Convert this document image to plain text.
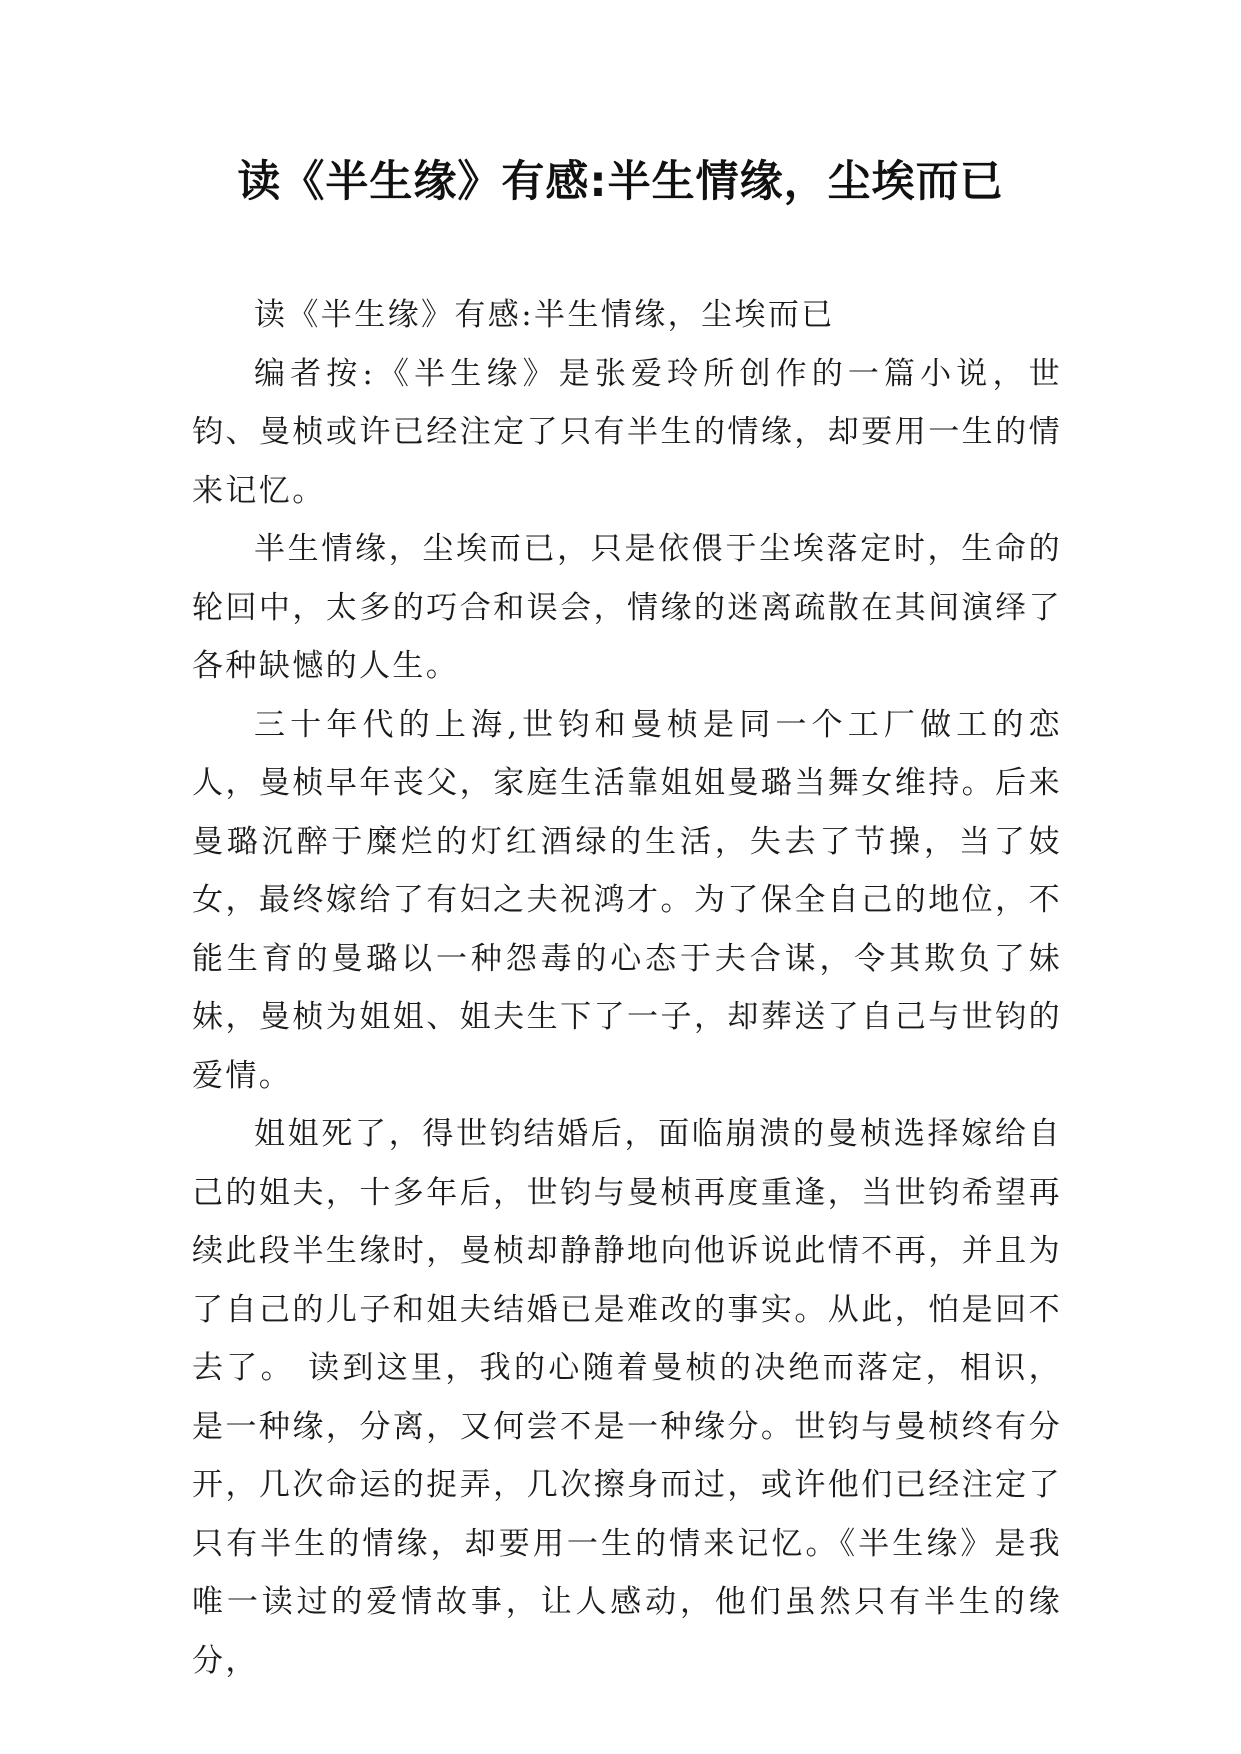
读《半生缘》有感:半生情缘，尘埃而已

读《半生缘》有感:半生情缘，尘埃而已

编者按:《半生缘》是张爱玲所创作的一篇小说，世钧、曼桢或许已经注定了只有半生的情缘，却要用一生的情来记忆。

半生情缘，尘埃而已，只是依偎于尘埃落定时，生命的轮回中，太多的巧合和误会，情缘的迷离疏散在其间演绎了各种缺憾的人生。

三十年代的上海,世钧和曼桢是同一个工厂做工的恋人，曼桢早年丧父，家庭生活靠姐姐曼璐当舞女维持。后来曼璐沉醉于糜烂的灯红酒绿的生活，失去了节操，当了妓女，最终嫁给了有妇之夫祝鸿才。为了保全自己的地位，不能生育的曼璐以一种怨毒的心态于夫合谋，令其欺负了妹妹，曼桢为姐姐、姐夫生下了一子，却葬送了自己与世钧的爱情。

姐姐死了，得世钧结婚后，面临崩溃的曼桢选择嫁给自己的姐夫，十多年后，世钧与曼桢再度重逢，当世钧希望再续此段半生缘时，曼桢却静静地向他诉说此情不再，并且为了自己的儿子和姐夫结婚已是难改的事实。从此，怕是回不去了。 读到这里，我的心随着曼桢的决绝而落定，相识，是一种缘，分离，又何尝不是一种缘分。世钧与曼桢终有分开，几次命运的捉弄，几次擦身而过，或许他们已经注定了只有半生的情缘，却要用一生的情来记忆。《半生缘》是我唯一读过的爱情故事，让人感动，他们虽然只有半生的缘分，
